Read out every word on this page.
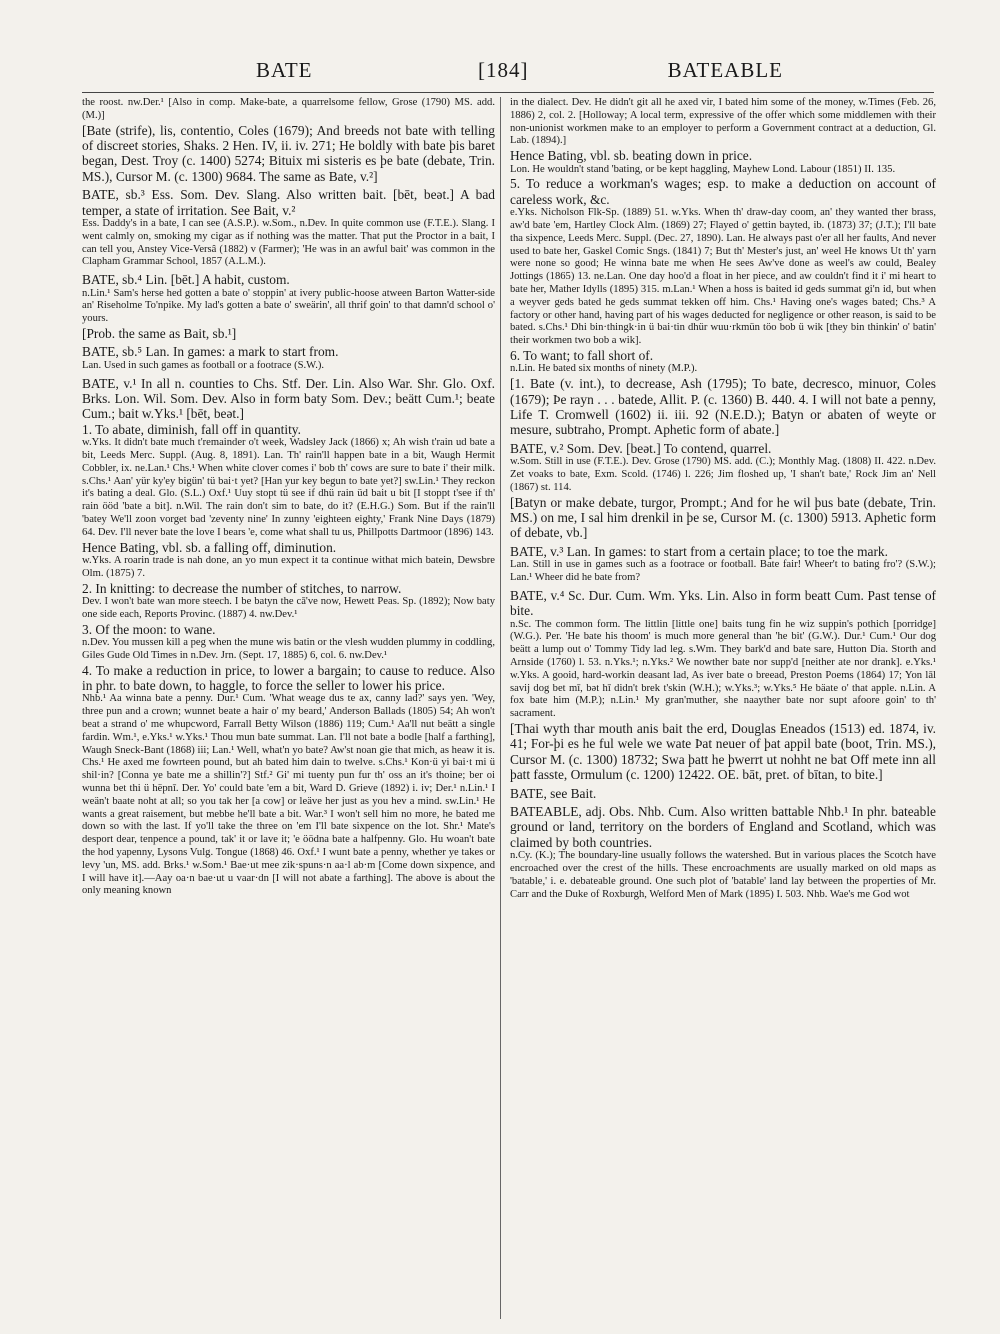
BATE	[184]	BATEABLE

the roost. nw.Der.¹ [Also in comp. Make-bate, a quarrelsome fellow, Grose (1790) MS. add. (M.)]

[Bate (strife), lis, contentio, Coles (1679); And breeds not bate with telling of discreet stories, Shaks. 2 Hen. IV, ii. iv. 271; He boldly with bate þis baret began, Dest. Troy (c. 1400) 5274; Bituix mi sisteris es þe bate (debate, Trin. MS.), Cursor M. (c. 1300) 9684. The same as Bate, v.²]

BATE, sb.³ Ess. Som. Dev. Slang. Also written bait. [bēt, beət.] A bad temper, a state of irritation. See Bait, v.²

Ess. Daddy's in a bate, I can see (A.S.P.). w.Som., n.Dev. In quite common use (F.T.E.). Slang. I went calmly on, smoking my cigar as if nothing was the matter. That put the Proctor in a bait, I can tell you, Anstey Vice-Versâ (1882) v (Farmer); 'He was in an awful bait' was common in the Clapham Grammar School, 1857 (A.L.M.).

BATE, sb.⁴ Lin. [bēt.] A habit, custom.

n.Lin.¹ Sam's herse hed gotten a bate o' stoppin' at ivery public-hoose atween Barton Watter-side an' Riseholme To'npike. My lad's gotten a bate o' sweärin', all thrif goin' to that damn'd school o' yours.

[Prob. the same as Bait, sb.¹]

BATE, sb.⁵ Lan. In games: a mark to start from.

Lan. Used in such games as football or a footrace (S.W.).

BATE, v.¹ In all n. counties to Chs. Stf. Der. Lin. Also War. Shr. Glo. Oxf. Brks. Lon. Wil. Som. Dev. Also in form baty Som. Dev.; beätt Cum.¹; beate Cum.; bait w.Yks.¹ [bēt, beət.]

1. To abate, diminish, fall off in quantity.

w.Yks. It didn't bate much t'remainder o't week, Wadsley Jack (1866) x; Ah wish t'rain ud bate a bit, Leeds Merc. Suppl. (Aug. 8, 1891). Lan. Th' rain'll happen bate in a bit, Waugh Hermit Cobbler, ix. ne.Lan.¹ Chs.¹ When white clover comes i' bob th' cows are sure to bate i' their milk. s.Chs.¹ Aan' yür ky'ey bigün' tü bai·t yet? [Han yur key begun to bate yet?] sw.Lin.¹ They reckon it's bating a deal. Glo. (S.L.) Oxf.¹ Uuy stopt tü see if dhü rain üd bait u bit [I stoppt t'see if th' rain ööd 'bate a bit]. n.Wil. The rain don't sim to bate, do it? (E.H.G.) Som. But if the rain'll 'batey We'll zoon vorget bad 'zeventy nine' In zunny 'eighteen eighty,' Frank Nine Days (1879) 64. Dev. I'll never bate the love I bears 'e, come what shall tu us, Phillpotts Dartmoor (1896) 143.

Hence Bating, vbl. sb. a falling off, diminution.

w.Yks. A roarin trade is nah done, an yo mun expect it ta continue withat mich batein, Dewsbre Olm. (1875) 7.

2. In knitting: to decrease the number of stitches, to narrow.

Dev. I won't bate wan more steech. I be batyn the cā've now, Hewett Peas. Sp. (1892); Now baty one side each, Reports Provinc. (1887) 4. nw.Dev.¹

3. Of the moon: to wane.

n.Dev. You mussen kill a peg when the mune wis batin or the vlesh wudden plummy in coddling, Giles Gude Old Times in n.Dev. Jrn. (Sept. 17, 1885) 6, col. 6. nw.Dev.¹

4. To make a reduction in price, to lower a bargain; to cause to reduce. Also in phr. to bate down, to haggle, to force the seller to lower his price.

Nhb.¹ Aa winna bate a penny. Dur.¹ Cum. 'What weage dus te ax, canny lad?' says yen. 'Wey, three pun and a crown; wunnet beate a hair o' my beard,' Anderson Ballads (1805) 54; Ah won't beat a strand o' me whupcword, Farrall Betty Wilson (1886) 119; Cum.¹ Aa'll nut beätt a single fardin. Wm.¹, e.Yks.¹ w.Yks.¹ Thou mun bate summat. Lan. I'll not bate a bodle [half a farthing], Waugh Sneck-Bant (1868) iii; Lan.¹ Well, what'n yo bate? Aw'st noan gie that mich, as heaw it is. Chs.¹ He axed me fowrteen pound, but ah bated him dain to twelve. s.Chs.¹ Kon·ü yi bai·t mi ü shil·in? [Conna ye bate me a shillin'?] Stf.² Gi' mi tuenty pun fur th' oss an it's thoine; ber oi wunna bet thi ü hëpnī. Der. Yo' could bate 'em a bit, Ward D. Grieve (1892) i. iv; Der.¹ n.Lin.¹ I weän't baate noht at all; so you tak her [a cow] or leäve her just as you hev a mind. sw.Lin.¹ He wants a great raisement, but mebbe he'll bate a bit. War.³ I won't sell him no more, he bated me down so with the last. If yo'll take the three on 'em I'll bate sixpence on the lot. Shr.¹ Mate's desport dear, tenpence a pound, tak' it or lave it; 'e öödna bate a halfpenny. Glo. Hu woan't bate the hod yapenny, Lysons Vulg. Tongue (1868) 46. Oxf.¹ I wunt bate a penny, whether ye takes or levy 'un, MS. add. Brks.¹ w.Som.¹ Bae·ut mee zik·spuns·n aa·l ab·m [Come down sixpence, and I will have it].—Aay oa·n bae·ut u vaar·dn [I will not abate a farthing]. The above is about the only meaning known

in the dialect. Dev. He didn't git all he axed vir, I bated him some of the money, w.Times (Feb. 26, 1886) 2, col. 2. [Holloway; A local term, expressive of the offer which some middlemen with their non-unionist workmen make to an employer to perform a Government contract at a deduction, Gl. Lab. (1894).]

Hence Bating, vbl. sb. beating down in price.

Lon. He wouldn't stand 'bating, or be kept haggling, Mayhew Lond. Labour (1851) II. 135.

5. To reduce a workman's wages; esp. to make a deduction on account of careless work, &c.

e.Yks. Nicholson Flk-Sp. (1889) 51. w.Yks. When th' draw-day coom, an' they wanted ther brass, aw'd bate 'em, Hartley Clock Alm. (1869) 27; Flayed o' gettin bayted, ib. (1873) 37; (J.T.); I'll bate tha sixpence, Leeds Merc. Suppl. (Dec. 27, 1890). Lan. He always past o'er all her faults, And never used to bate her, Gaskel Comic Sngs. (1841) 7; But th' Mester's just, an' weel He knows Ut th' yarn were none so good; He winna bate me when He sees Aw've done as weel's aw could, Bealey Jottings (1865) 13. ne.Lan. One day hoo'd a float in her piece, and aw couldn't find it i' mi heart to bate her, Mather Idylls (1895) 315. m.Lan.¹ When a hoss is baited id geds summat gi'n id, but when a weyver geds bated he geds summat tekken off him. Chs.¹ Having one's wages bated; Chs.³ A factory or other hand, having part of his wages deducted for negligence or other reason, is said to be bated. s.Chs.¹ Dhi bin·thingk·in ü bai·tin dhür wuu·rkmün töo bob ü wik [they bin thinkin' o' batin' their workmen two bob a wik].

6. To want; to fall short of.

n.Lin. He bated six months of ninety (M.P.).

[1. Bate (v. int.), to decrease, Ash (1795); To bate, decresco, minuor, Coles (1679); Þe rayn . . . batede, Allit. P. (c. 1360) B. 440. 4. I will not bate a penny, Life T. Cromwell (1602) ii. iii. 92 (N.E.D.); Batyn or abaten of weyte or mesure, subtraho, Prompt. Aphetic form of abate.]

BATE, v.² Som. Dev. [beət.] To contend, quarrel.

w.Som. Still in use (F.T.E.). Dev. Grose (1790) MS. add. (C.); Monthly Mag. (1808) II. 422. n.Dev. Zet voaks to bate, Exm. Scold. (1746) l. 226; Jim floshed up, 'I shan't bate,' Rock Jim an' Nell (1867) st. 114.

[Batyn or make debate, turgor, Prompt.; And for he wil þus bate (debate, Trin. MS.) on me, I sal him drenkil in þe se, Cursor M. (c. 1300) 5913. Aphetic form of debate, vb.]

BATE, v.³ Lan. In games: to start from a certain place; to toe the mark.

Lan. Still in use in games such as a footrace or football. Bate fair! Wheer't to bating fro'? (S.W.); Lan.¹ Wheer did he bate from?

BATE, v.⁴ Sc. Dur. Cum. Wm. Yks. Lin. Also in form beatt Cum. Past tense of bite.

n.Sc. The common form. The littlin [little one] baits tung fin he wiz suppin's pothich [porridge] (W.G.). Per. 'He bate his thoom' is much more general than 'he bit' (G.W.). Dur.¹ Cum.¹ Our dog beätt a lump out o' Tommy Tidy lad leg. s.Wm. They bark'd and bate sare, Hutton Dia. Storth and Arnside (1760) l. 53. n.Yks.¹; n.Yks.² We nowther bate nor supp'd [neither ate nor drank]. e.Yks.¹ w.Yks. A gooid, hard-workin deasant lad, As iver bate o breead, Preston Poems (1864) 17; Yon lāl savij dog bet mī, bət hī didn't brek t'skin (W.H.); w.Yks.³; w.Yks.⁵ He bäate o' that apple. n.Lin. A fox bate him (M.P.); n.Lin.¹ My gran'muther, she naayther bate nor supt afoore goin' to th' sacrament.

[Thai wyth thar mouth anis bait the erd, Douglas Eneados (1513) ed. 1874, iv. 41; For-þi es he ful wele we wate Þat neuer of þat appil bate (boot, Trin. MS.), Cursor M. (c. 1300) 18732; Swa þatt he þwerrt ut nohht ne bat Off mete inn all þatt fasste, Ormulum (c. 1200) 12422. OE. bāt, pret. of bītan, to bite.]

BATE, see Bait.

BATEABLE, adj. Obs. Nhb. Cum. Also written battable Nhb.¹ In phr. bateable ground or land, territory on the borders of England and Scotland, which was claimed by both countries.

n.Cy. (K.); The boundary-line usually follows the watershed. But in various places the Scotch have encroached over the crest of the hills. These encroachments are usually marked on old maps as 'batable,' i. e. debateable ground. One such plot of 'batable' land lay between the properties of Mr. Carr and the Duke of Roxburgh, Welford Men of Mark (1895) I. 503. Nhb. Wae's me God wot
